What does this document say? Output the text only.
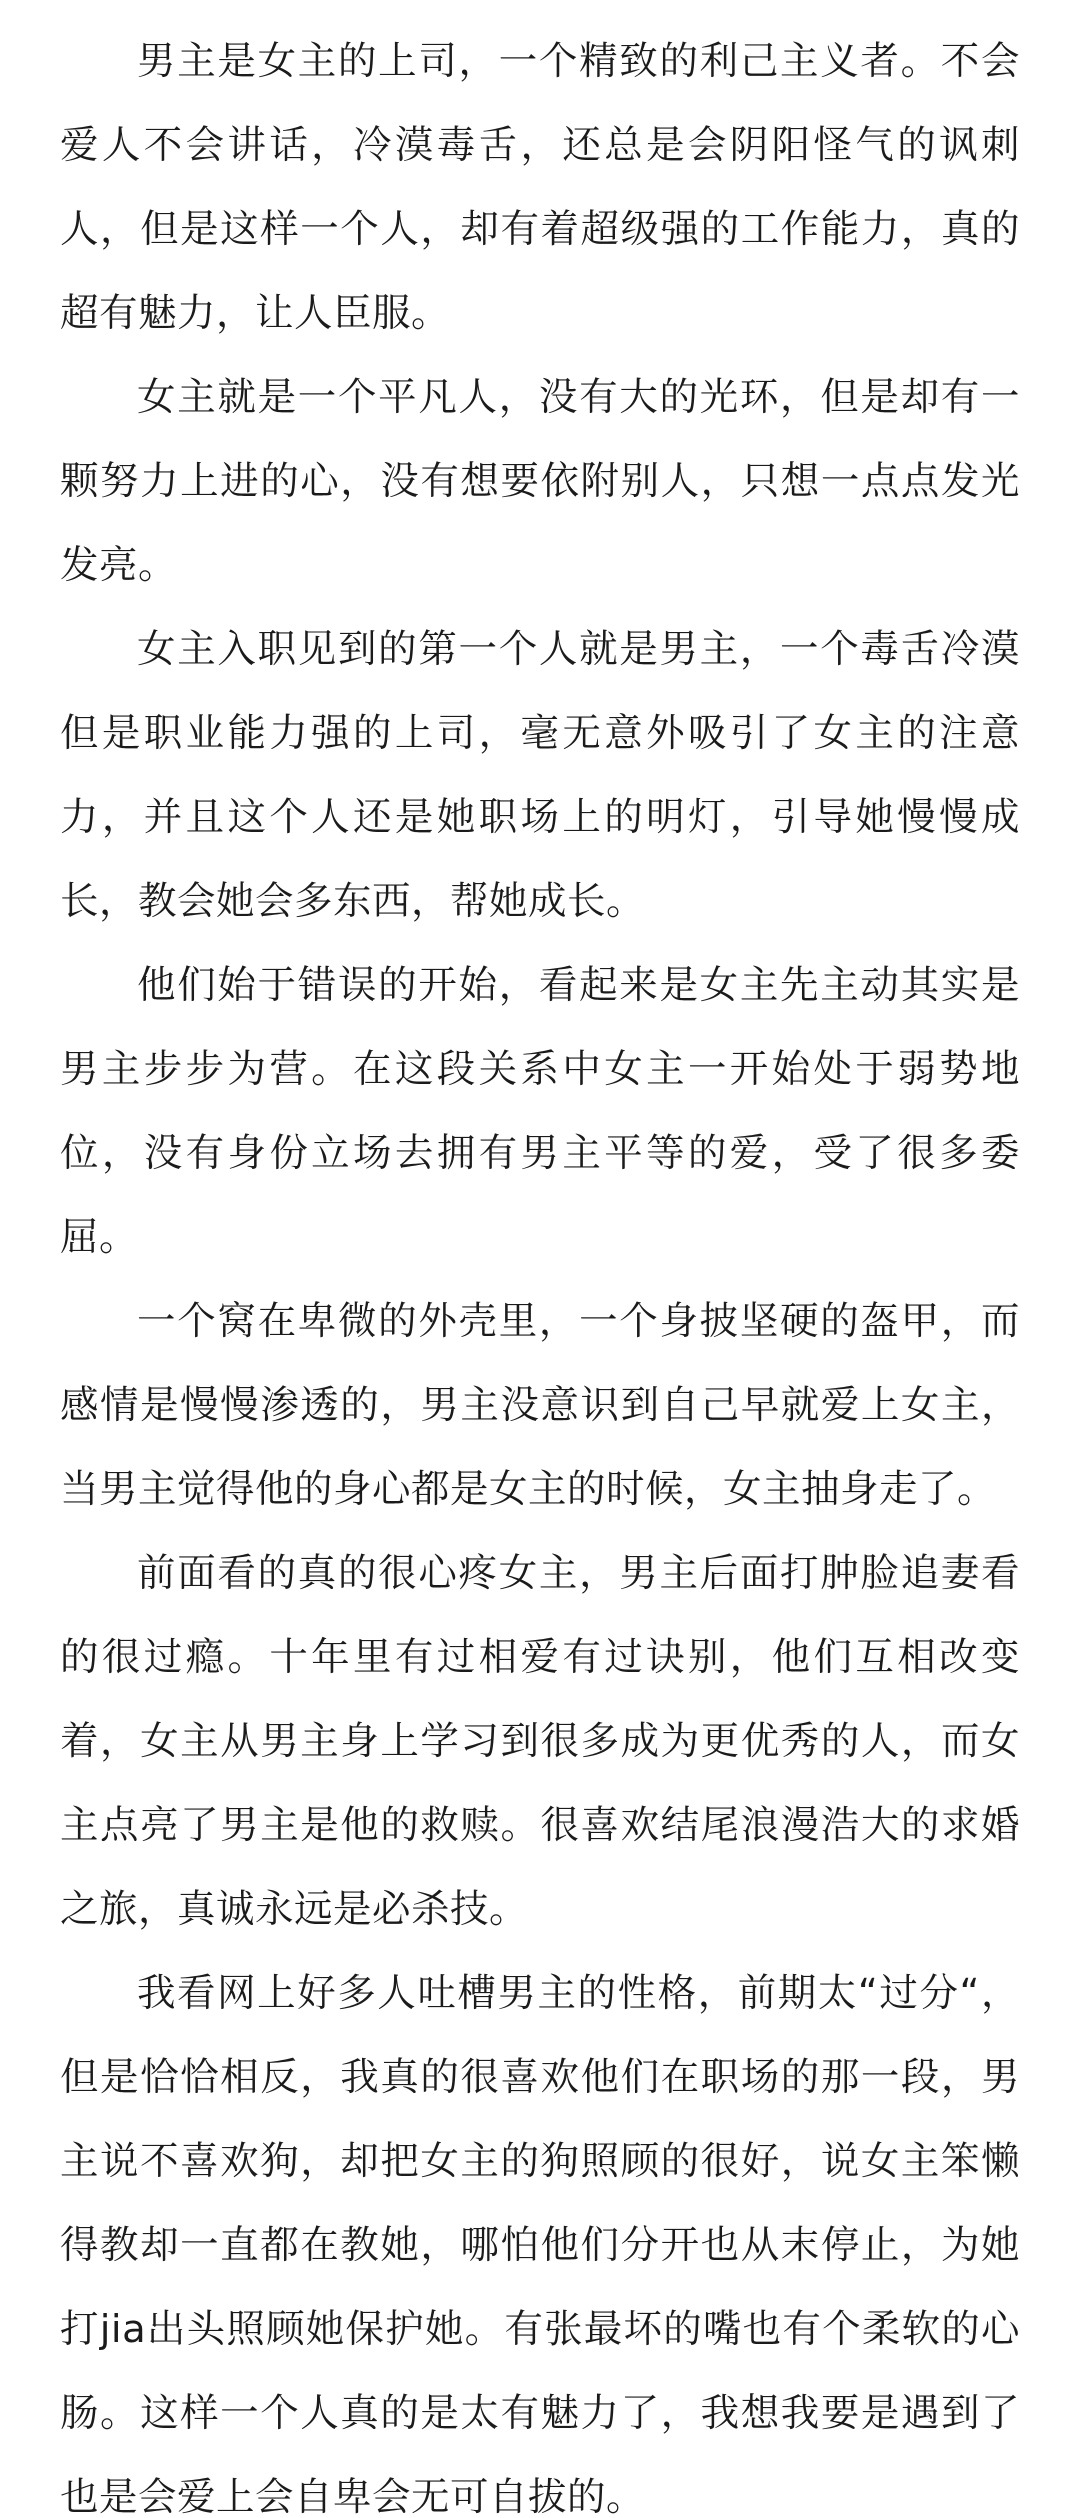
男主是女主的上司，一个精致的利己主义者。不会爱人不会讲话，冷漠毒舌，还总是会阴阳怪气的讽刺人，但是这样一个人，却有着超级强的工作能力，真的超有魅力，让人臣服。

女主就是一个平凡人，没有大的光环，但是却有一颗努力上进的心，没有想要依附别人，只想一点点发光发亮。

女主入职见到的第一个人就是男主，一个毒舌冷漠但是职业能力强的上司，毫无意外吸引了女主的注意力，并且这个人还是她职场上的明灯，引导她慢慢成长，教会她会多东西，帮她成长。

他们始于错误的开始，看起来是女主先主动其实是男主步步为营。在这段关系中女主一开始处于弱势地位，没有身份立场去拥有男主平等的爱，受了很多委屈。

一个窝在卑微的外壳里，一个身披坚硬的盔甲，而感情是慢慢渗透的，男主没意识到自己早就爱上女主，当男主觉得他的身心都是女主的时候，女主抽身走了。

前面看的真的很心疼女主，男主后面打肿脸追妻看的很过瘾。十年里有过相爱有过诀别，他们互相改变着，女主从男主身上学习到很多成为更优秀的人，而女主点亮了男主是他的救赎。很喜欢结尾浪漫浩大的求婚之旅，真诚永远是必杀技。

我看网上好多人吐槽男主的性格，前期太“过分“，但是恰恰相反，我真的很喜欢他们在职场的那一段，男主说不喜欢狗，却把女主的狗照顾的很好，说女主笨懒得教却一直都在教她，哪怕他们分开也从末停止，为她打jia出头照顾她保护她。有张最坏的嘴也有个柔软的心肠。这样一个人真的是太有魅力了，我想我要是遇到了也是会爱上会自卑会无可自拔的。
